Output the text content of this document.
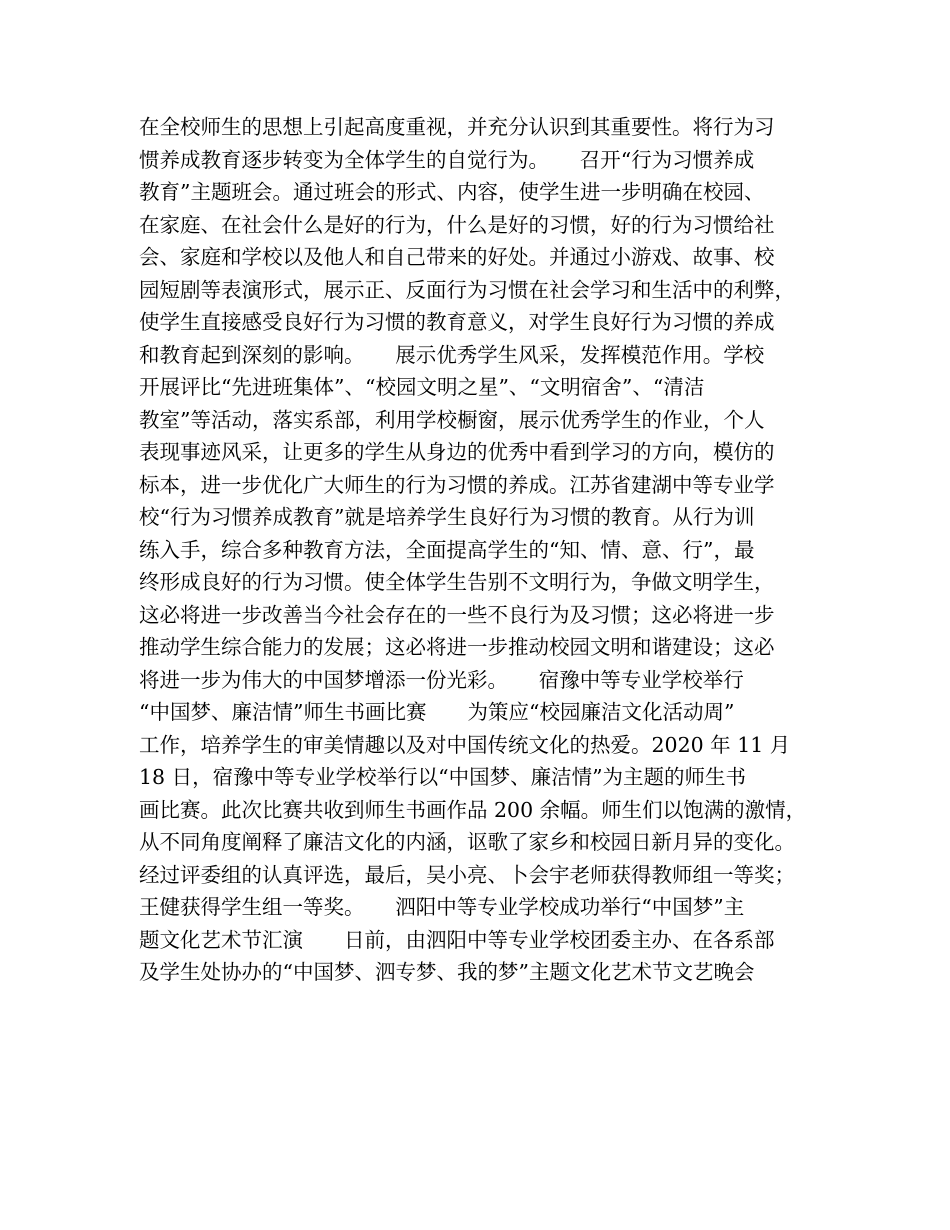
在全校师生的思想上引起高度重视，并充分认识到其重要性。将行为习
惯养成教育逐步转变为全体学生的自觉行为。　　召开“行为习惯养成
教育”主题班会。通过班会的形式、内容，使学生进一步明确在校园、
在家庭、在社会什么是好的行为，什么是好的习惯，好的行为习惯给社
会、家庭和学校以及他人和自己带来的好处。并通过小游戏、故事、校
园短剧等表演形式，展示正、反面行为习惯在社会学习和生活中的利弊，
使学生直接感受良好行为习惯的教育意义，对学生良好行为习惯的养成
和教育起到深刻的影响。　　展示优秀学生风采，发挥模范作用。学校
开展评比“先进班集体”、“校园文明之星”、“文明宿舍”、“清洁
教室”等活动，落实系部，利用学校橱窗，展示优秀学生的作业，个人
表现事迹风采，让更多的学生从身边的优秀中看到学习的方向，模仿的
标本，进一步优化广大师生的行为习惯的养成。江苏省建湖中等专业学
校“行为习惯养成教育”就是培养学生良好行为习惯的教育。从行为训
练入手，综合多种教育方法，全面提高学生的“知、情、意、行”，最
终形成良好的行为习惯。使全体学生告别不文明行为，争做文明学生，
这必将进一步改善当今社会存在的一些不良行为及习惯；这必将进一步
推动学生综合能力的发展；这必将进一步推动校园文明和谐建设；这必
将进一步为伟大的中国梦增添一份光彩。　　宿豫中等专业学校举行
“中国梦、廉洁情”师生书画比赛　　为策应“校园廉洁文化活动周”
工作，培养学生的审美情趣以及对中国传统文化的热爱。2020 年 11 月
18 日，宿豫中等专业学校举行以“中国梦、廉洁情”为主题的师生书
画比赛。此次比赛共收到师生书画作品 200 余幅。师生们以饱满的激情，
从不同角度阐释了廉洁文化的内涵，讴歌了家乡和校园日新月异的变化。
经过评委组的认真评选，最后，吴小亮、卜会宇老师获得教师组一等奖；
王健获得学生组一等奖。　　泗阳中等专业学校成功举行“中国梦”主
题文化艺术节汇演　　日前，由泗阳中等专业学校团委主办、在各系部
及学生处协办的“中国梦、泗专梦、我的梦”主题文化艺术节文艺晚会
